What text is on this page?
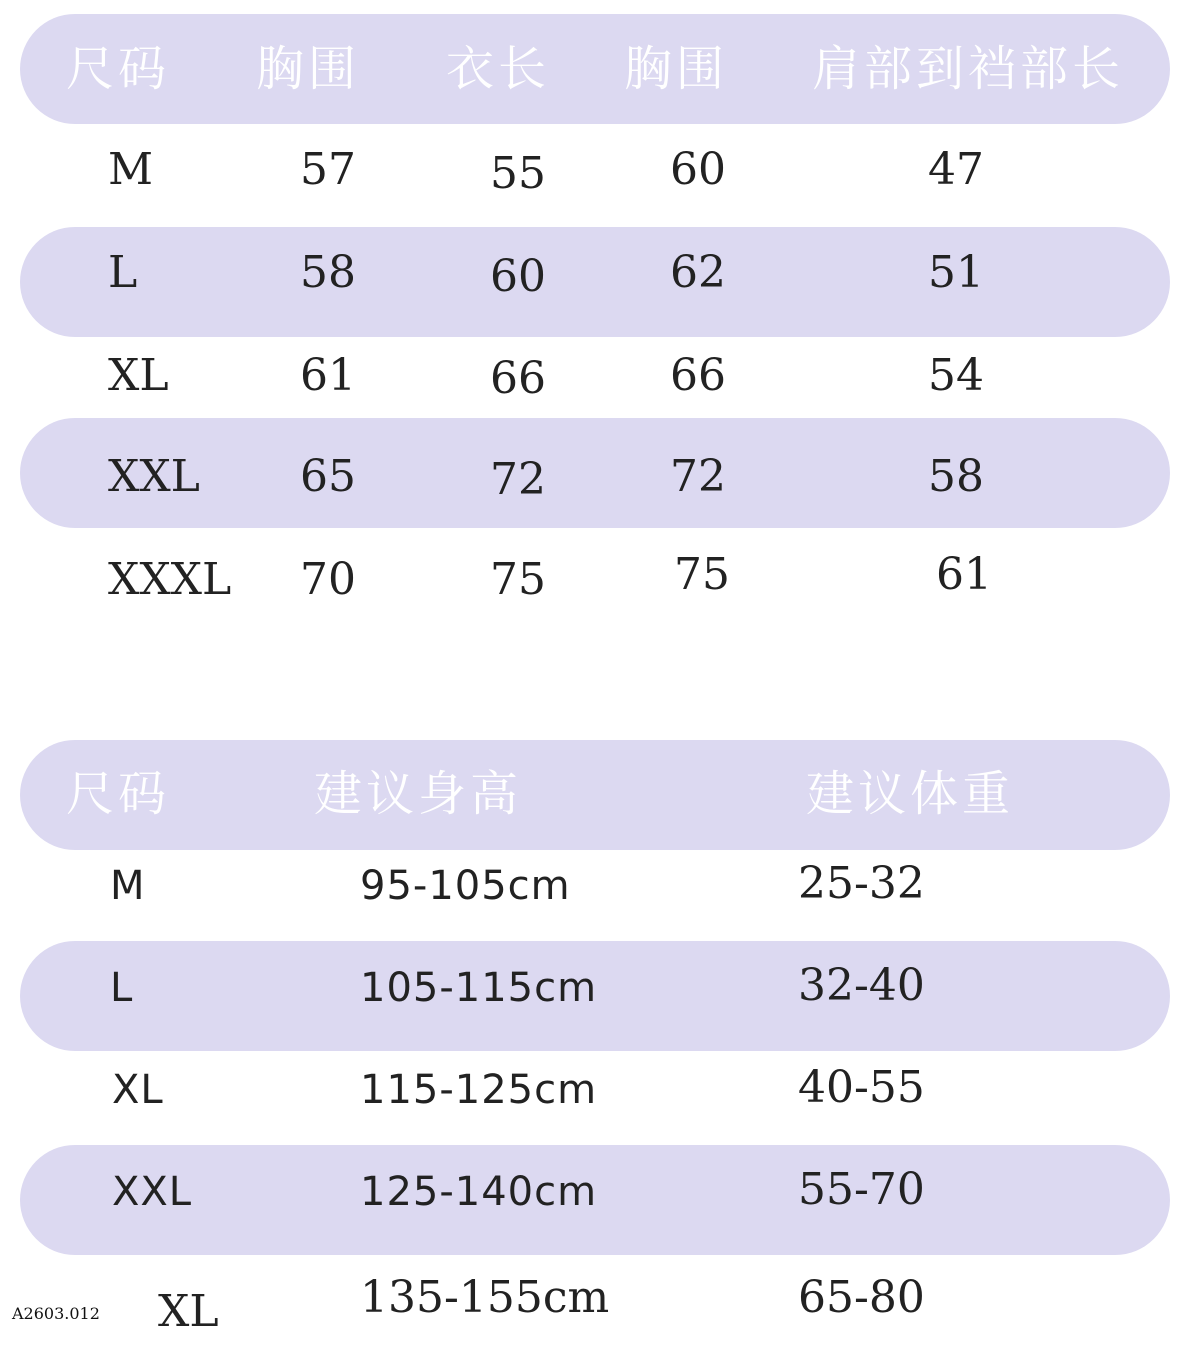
尺码 胸围 衣长 胸围 肩部到裆部长
M	57	55	60	47
L	58	60	62	51
XL	61	66	66	54
XXL 65	72	72	58
XXXL 70	75	75	61
尺码	建议身高	建议体重
M	95-105cm	25-32
L	105-115cm	32-40
XL	115-125cm	40-55
XXL	125-140cm	55-70
XL	135-155cm	65-80
A2603.012
